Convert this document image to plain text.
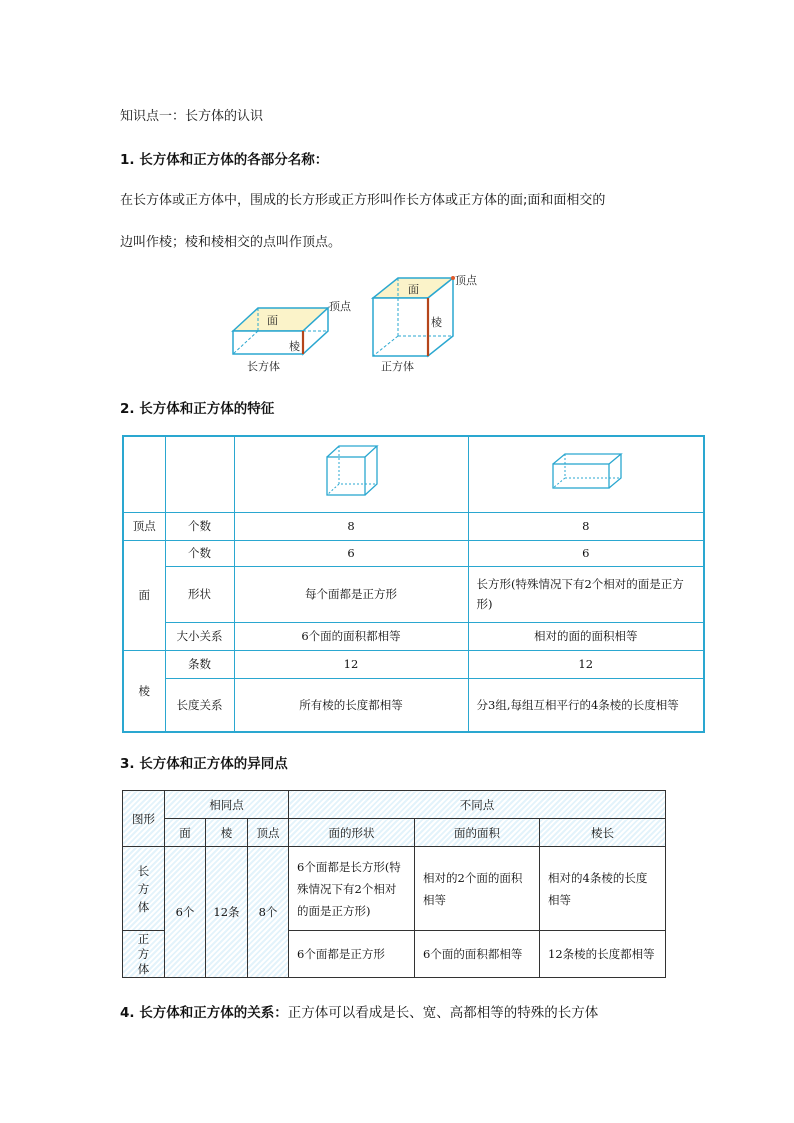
知识点一：长方体的认识
1. 长方体和正方体的各部分名称：
在长方体或正方体中，围成的长方形或正方形叫作长方体或正方体的面;面和面相交的
边叫作棱；棱和棱相交的点叫作顶点。
面
棱
顶点
长方体
面
棱
顶点
正方体
2. 长方体和正方体的特征

顶点	个数	8	8
面	个数	6	6
	形状	每个面都是正方形	长方形(特殊情况下有2个相对的面是正方形)
	大小关系	6个面的面积都相等	相对的面的面积相等
棱	条数	12	12
	长度关系	所有棱的长度都相等	分3组,每组互相平行的4条棱的长度相等
3. 长方体和正方体的异同点
图形	相同点			不同点		
	面	棱	顶点	面的形状	面的面积	棱长
长方体	6个	12条	8个	6个面都是长方形(特殊情况下有2个相对的面是正方形)	相对的2个面的面积相等	相对的4条棱的长度相等
正方体				6个面都是正方形	6个面的面积都相等	12条棱的长度都相等
4. 长方体和正方体的关系：正方体可以看成是长、宽、高都相等的特殊的长方体
